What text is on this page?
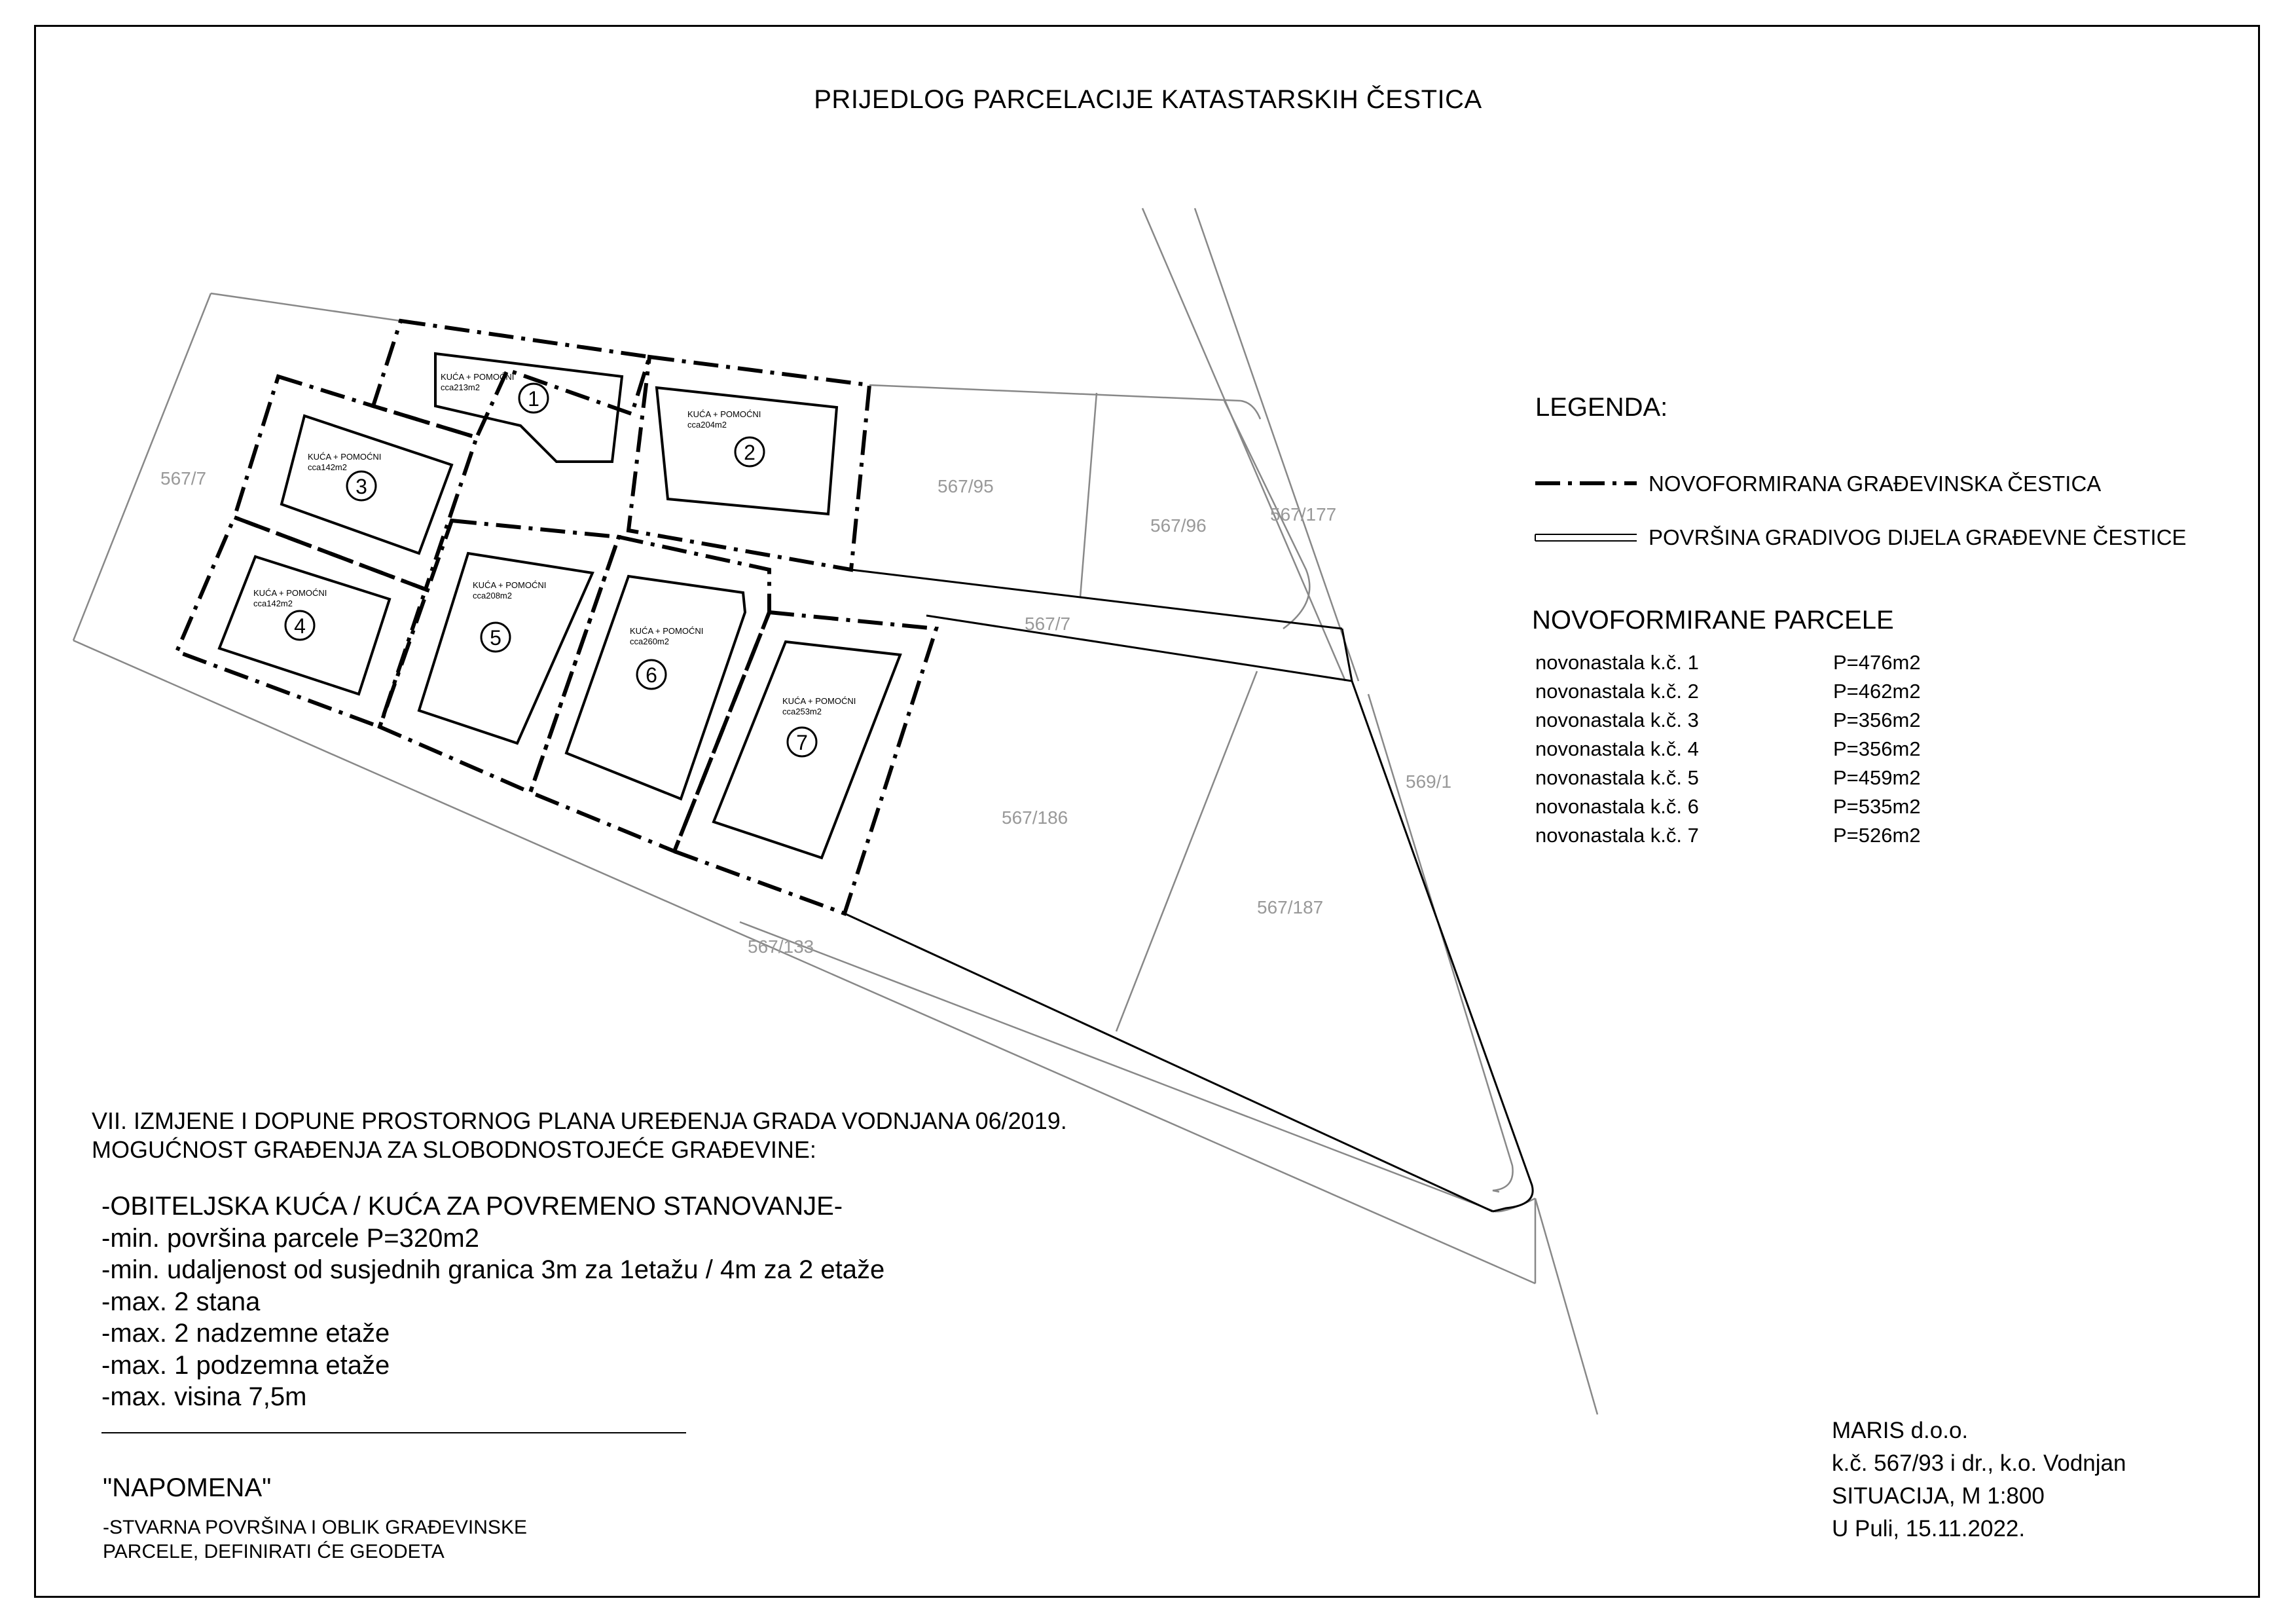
PRIJEDLOG PARCELACIJE KATASTARSKIH ČESTICA
567/7	567/95
567/96
567/177
567/7
569/1
567/186
567/187
567/133
KUĆA + POMOĆNI
cca213m2
KUĆA + POMOĆNI
cca204m2
KUĆA + POMOĆNI
cca142m2
KUĆA + POMOĆNI
cca142m2
KUĆA + POMOĆNI
cca208m2
KUĆA + POMOĆNI
cca260m2
KUĆA + POMOĆNI
cca253m2
1
2
3
4	5
6
7
LEGENDA:
NOVOFORMIRANA GRAĐEVINSKA ČESTICA
POVRŠINA GRADIVOG DIJELA GRAĐEVNE ČESTICE
NOVOFORMIRANE PARCELE
novonastala k.č. 1	P=476m2
novonastala k.č. 2	P=462m2
novonastala k.č. 3	P=356m2
novonastala k.č. 4	P=356m2
novonastala k.č. 5	P=459m2
novonastala k.č. 6	P=535m2
novonastala k.č. 7	P=526m2
VII. IZMJENE I DOPUNE PROSTORNOG PLANA UREĐENJA GRADA VODNJANA 06/2019.
MOGUĆNOST GRAĐENJA ZA SLOBODNOSTOJEĆE GRAĐEVINE:
-OBITELJSKA KUĆA / KUĆA ZA POVREMENO STANOVANJE-
-min. površina parcele P=320m2
-min. udaljenost od susjednih granica 3m za 1etažu / 4m za 2 etaže
-max. 2 stana
-max. 2 nadzemne etaže
-max. 1 podzemna etaže
-max. visina 7,5m
"NAPOMENA"
-STVARNA POVRŠINA I OBLIK GRAĐEVINSKE
PARCELE, DEFINIRATI ĆE GEODETA
MARIS d.o.o.
k.č. 567/93 i dr., k.o. Vodnjan
SITUACIJA, M 1:800
U Puli, 15.11.2022.
